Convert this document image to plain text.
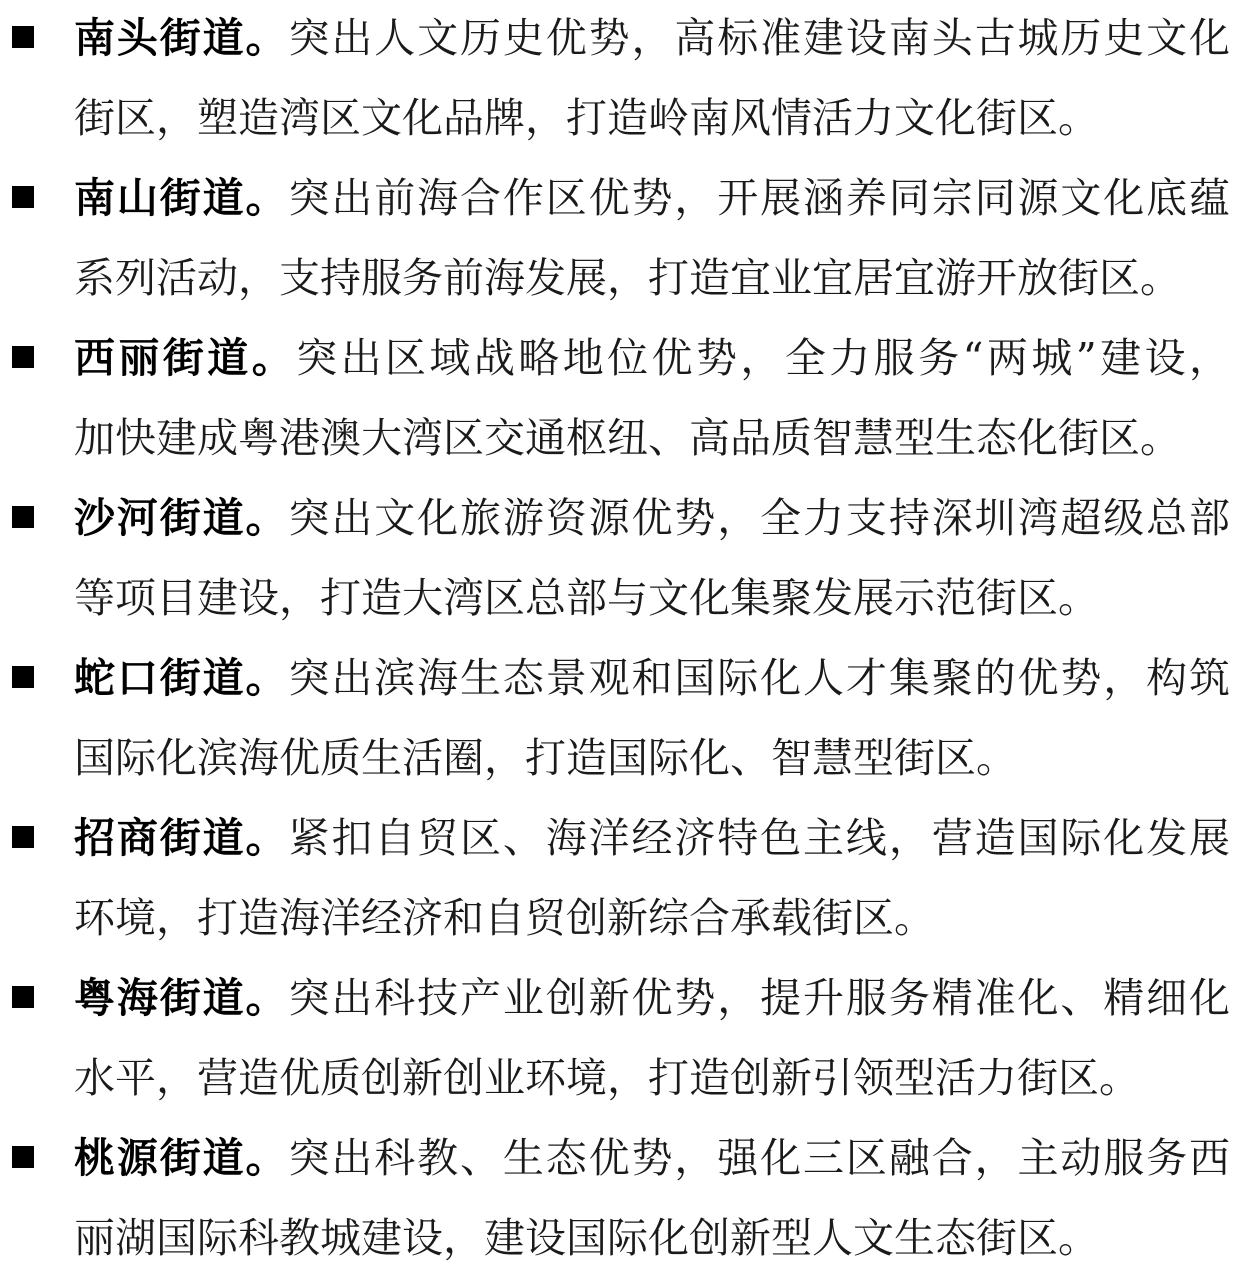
南头街道。突出人文历史优势，高标准建设南头古城历史文化
街区，塑造湾区文化品牌，打造岭南风情活力文化街区。
南山街道。突出前海合作区优势，开展涵养同宗同源文化底蕴
系列活动，支持服务前海发展，打造宜业宜居宜游开放街区。
西丽街道。突出区域战略地位优势，全力服务“两城”建设，
加快建成粤港澳大湾区交通枢纽、高品质智慧型生态化街区。
沙河街道。突出文化旅游资源优势，全力支持深圳湾超级总部
等项目建设，打造大湾区总部与文化集聚发展示范街区。
蛇口街道。突出滨海生态景观和国际化人才集聚的优势，构筑
国际化滨海优质生活圈，打造国际化、智慧型街区。
招商街道。紧扣自贸区、海洋经济特色主线，营造国际化发展
环境，打造海洋经济和自贸创新综合承载街区。
粤海街道。突出科技产业创新优势，提升服务精准化、精细化
水平，营造优质创新创业环境，打造创新引领型活力街区。
桃源街道。突出科教、生态优势，强化三区融合，主动服务西
丽湖国际科教城建设，建设国际化创新型人文生态街区。
